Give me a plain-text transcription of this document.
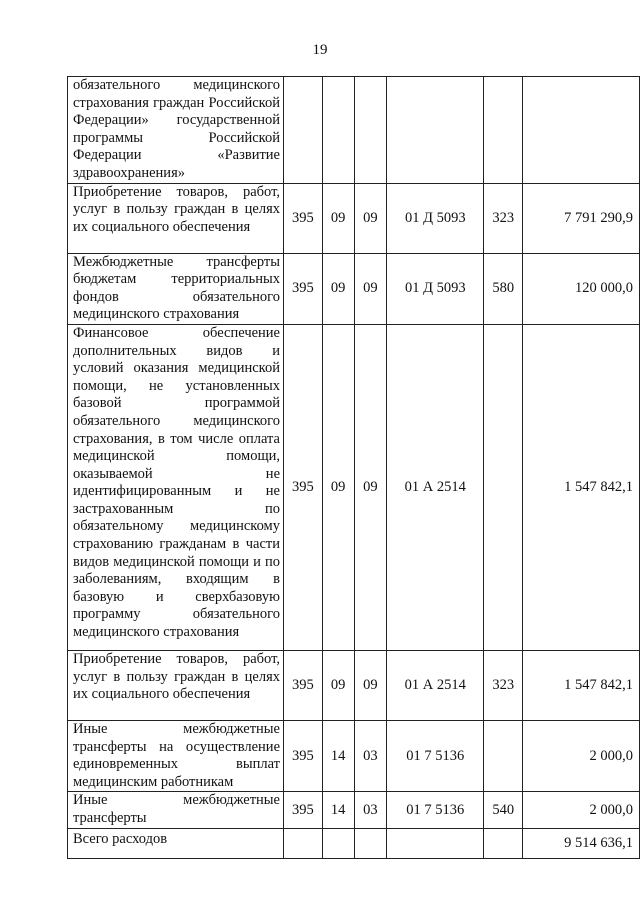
19
обязательного медицинского страхования граждан Российской Федерации» государственной программы Российской Федерации «Развитие здравоохранения»						
Приобретение товаров, работ, услуг в пользу граждан в целях их социального обеспечения	395	09	09	01 Д 5093	323	7 791 290,9
Межбюджетные трансферты бюджетам территориальных фондов обязательного медицинского страхования	395	09	09	01 Д 5093	580	120 000,0
Финансовое обеспечение дополнительных видов и условий оказания медицинской помощи, не установленных базовой программой обязательного медицинского страхования, в том числе оплата медицинской помощи, оказываемой не идентифицированным и не застрахованным по обязательному медицинскому страхованию гражданам в части видов медицинской помощи и по заболеваниям, входящим в базовую и сверхбазовую программу обязательного медицинского страхования	395	09	09	01 А 2514		1 547 842,1
Приобретение товаров, работ, услуг в пользу граждан в целях их социального обеспечения	395	09	09	01 А 2514	323	1 547 842,1
Иные межбюджетные трансферты на осуществление единовременных выплат медицинским работникам	395	14	03	01 7 5136		2 000,0
Иные межбюджетные трансферты	395	14	03	01 7 5136	540	2 000,0
Всего расходов						9 514 636,1
